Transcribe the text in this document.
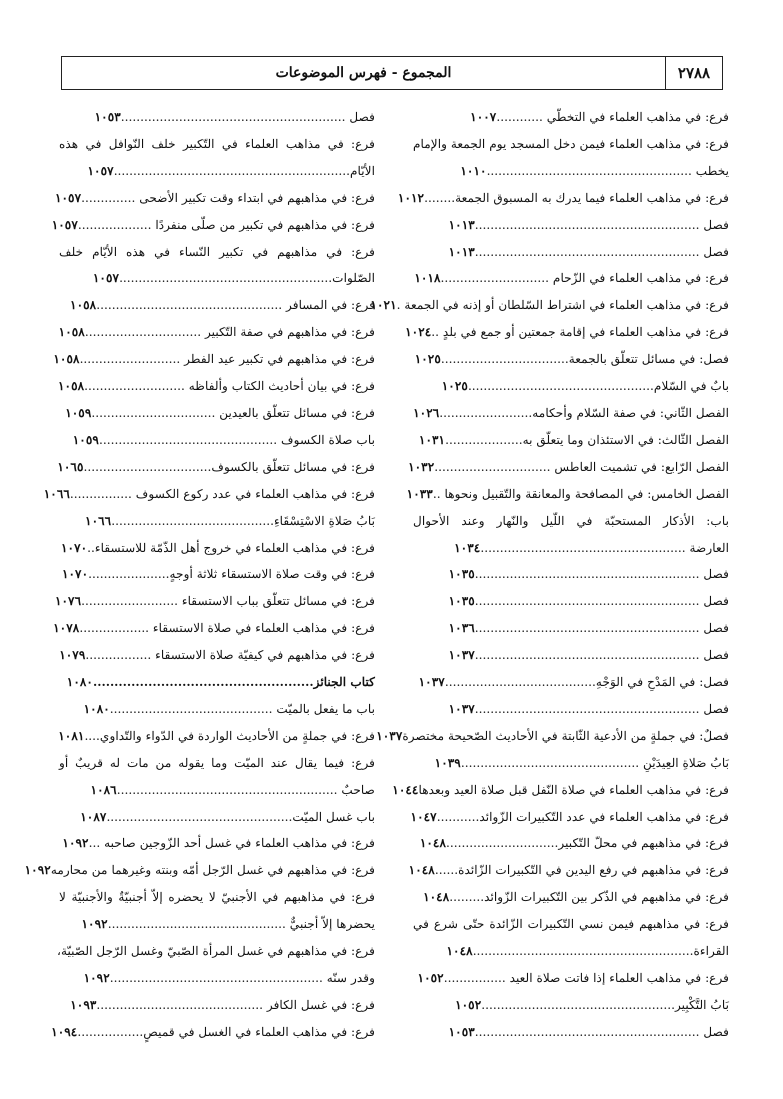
٢٧٨٨
المجموع - فهرس الموضوعات
فرع: في مذاهب العلماء في التخطّي ............١٠٠٧
فرع: في مذاهب العلماء فيمن دخل المسجد يوم الجمعة والإمام
يخطب .....................................................١٠١٠
فرع: في مذاهب العلماء فيما يدرك به المسبوق الجمعة........١٠١٢
فصل ..........................................................١٠١٣
فصل ..........................................................١٠١٣
فرع: في مذاهب العلماء في الزّحام ............................١٠١٨
فرع: في مذاهب العلماء في اشتراط السّلطان أو إذنه في الجمعة .١٠٢١
فرع: في مذاهب العلماء في إقامة جمعتين أو جمع في بلدٍ ..١٠٢٤
فصل: في مسائل تتعلّق بالجمعة.................................١٠٢٥
بابٌ في السّلام................................................١٠٢٥
الفصل الثّاني: في صفة السّلام وأحكامه........................١٠٢٦
الفصل الثّالث: في الاستئذان وما يتعلّق به....................١٠٣١
الفصل الرّابع: في تشميت العاطس ..............................١٠٣٢
الفصل الخامس: في المصافحة والمعانقة والتّقبيل ونحوها ..١٠٣٣
باب: الأذكار المستحبّة في اللّيل والنّهار وعند الأحوال
العارضة .....................................................١٠٣٤
فصل ..........................................................١٠٣٥
فصل ..........................................................١٠٣٥
فصل ..........................................................١٠٣٦
فصل ..........................................................١٠٣٧
فصل: في المَدْحِ في الوَجْهِ.......................................١٠٣٧
فصل ..........................................................١٠٣٧
فصلٌ: في جملةٍ من الأدعية الثّابتة في الأحاديث الصّحيحة مختصرة١٠٣٧
بَابُ صَلاةِ العِيدَيْنِ ..............................................١٠٣٩
فرع: في مذاهب العلماء في صلاة النّفل قبل صلاة العيد وبعدها١٠٤٤
فرع: في مذاهب العلماء في عدد التّكبيرات الزّوائد...........١٠٤٧
فرع: في مذاهبهم في محلّ التّكبير.............................١٠٤٨
فرع: في مذاهبهم في رفع اليدين في التّكبيرات الزّائدة......١٠٤٨
فرع: في مذاهبهم في الذّكر بين التّكبيرات الزّوائد.........١٠٤٨
فرع: في مذاهبهم فيمن نسي التّكبيرات الزّائدة حتّى شرع في
القراءة.........................................................١٠٤٨
فرع: في مذاهب العلماء إذا فاتت صلاة العيد ................١٠٥٢
بَابُ التَّكْبِير..................................................١٠٥٢
فصل ..........................................................١٠٥٣
فصل ..........................................................١٠٥٣
فرع: في مذاهب العلماء في التّكبير خلف النّوافل في هذه
الأيّام.............................................................١٠٥٧
فرع: في مذاهبهم في ابتداء وقت تكبير الأضحى ..............١٠٥٧
فرع: في مذاهبهم في تكبير من صلّى منفردًا ...................١٠٥٧
فرع: في مذاهبهم في تكبير النّساء في هذه الأيّام خلف
الصّلوات.......................................................١٠٥٧
فرع: في المسافر ................................................١٠٥٨
فرع: في مذاهبهم في صفة التّكبير ..............................١٠٥٨
فرع: في مذاهبهم في تكبير عيد الفطر ..........................١٠٥٨
فرع: في بيان أحاديث الكتاب وألفاظه ..........................١٠٥٨
فرع: في مسائل تتعلّق بالعيدين ................................١٠٥٩
باب صلاة الكسوف ..............................................١٠٥٩
فرع: في مسائل تتعلّق بالكسوف.................................١٠٦٥
فرع: في مذاهب العلماء في عدد ركوع الكسوف ................١٠٦٦
بَابُ صَلاةِ الاسْتِسْقَاءِ..........................................١٠٦٦
فرع: في مذاهب العلماء في خروج أهل الذّمّة للاستسقاء..١٠٧٠
فرع: في وقت صلاة الاستسقاء ثلاثة أوجهٍ.....................١٠٧٠
فرع: في مسائل تتعلّق بباب الاستسقاء .........................١٠٧٦
فرع: في مذاهب العلماء في صلاة الاستسقاء ..................١٠٧٨
فرع: في مذاهبهم في كيفيّة صلاة الاستسقاء .................١٠٧٩
كتاب الجنائز....................................................١٠٨٠
باب ما يفعل بالميّت ..........................................١٠٨٠
فرع: في جملةٍ من الأحاديث الواردة في الدّواء والتّداوي....١٠٨١
فرع: فيما يقال عند الميّت وما يقوله من مات له قريبٌ أو
صاحبٌ .........................................................١٠٨٦
باب غسل الميّت................................................١٠٨٧
فرع: في مذاهب العلماء في غسل أحد الزّوجين صاحبه ...١٠٩٢
فرع: في مذاهبهم في غسل الرّجل أمّه وبنته وغيرهما من محارمه١٠٩٢
فرع: في مذاهبهم في الأجنبيّ لا يحضره إلاّ أجنبيّةٌ والأجنبيّة لا
يحضرها إلاّ أجنبيٌّ ..............................................١٠٩٢
فرع: في مذاهبهم في غسل المرأة الصّبيّ وغسل الرّجل الصّبيّة،
وقدر سنّه .......................................................١٠٩٢
فرع: في غسل الكافر ...........................................١٠٩٣
فرع: في مذاهب العلماء في الغسل في قميصٍ.................١٠٩٤
